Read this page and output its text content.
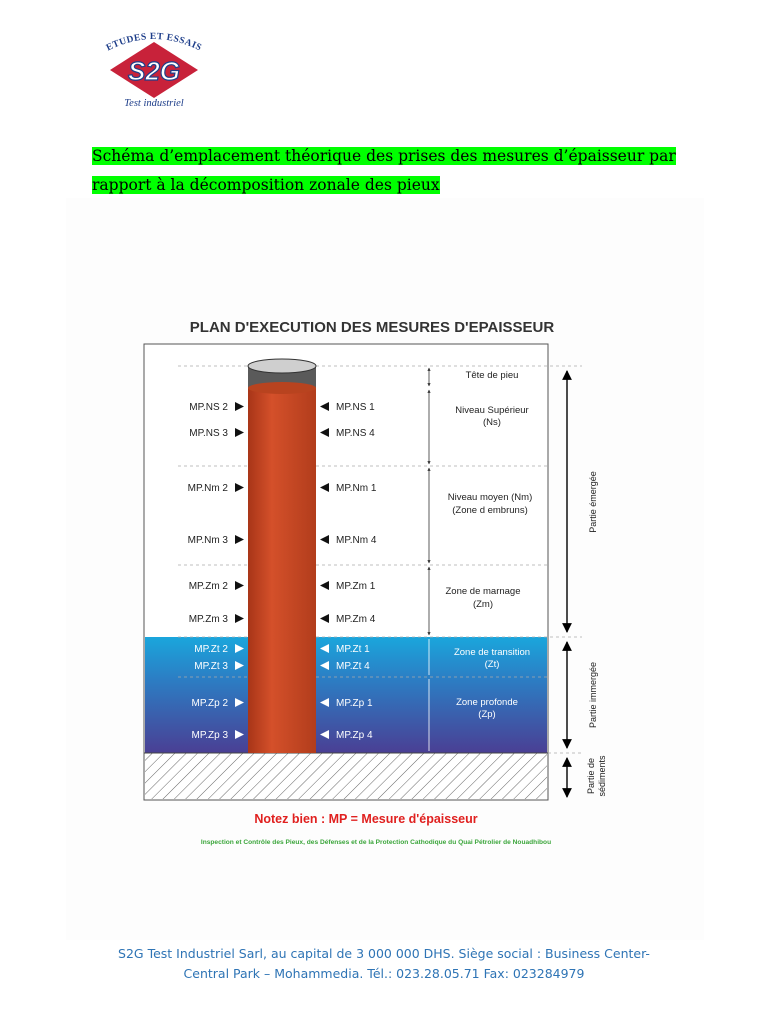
ETUDES ET ESSAIS
S2G
Test industriel
Schéma d’emplacement théorique des prises des mesures d’épaisseur par
rapport à la décomposition zonale des pieux
PLAN D'EXECUTION DES MESURES D'EPAISSEUR
MP.NS 2
MP.NS 3
MP.Nm 2
MP.Nm 3
MP.Zm 2
MP.Zm 3
MP.Zt 2
MP.Zt 3
MP.Zp 2
MP.Zp 3
MP.NS 1
MP.NS 4
MP.Nm 1
MP.Nm 4
MP.Zm 1
MP.Zm 4
MP.Zt 1
MP.Zt 4
MP.Zp 1
MP.Zp 4
Tête de pieu
Niveau Supérieur
(Ns)
Niveau moyen (Nm)
(Zone d embruns)
Zone de marnage
(Zm)
Zone de transition
(Zt)
Zone profonde
(Zp)
Partie émergée
Partie immergée
Partie de sédiments
Notez bien : MP = Mesure d'épaisseur
Inspection et Contrôle des Pieux, des Défenses et de la Protection Cathodique du Quai Pétrolier de Nouadhibou
S2G Test Industriel Sarl, au capital de 3 000 000 DHS. Siège social : Business Center-
Central Park – Mohammedia. Tél.: 023.28.05.71 Fax: 023284979
